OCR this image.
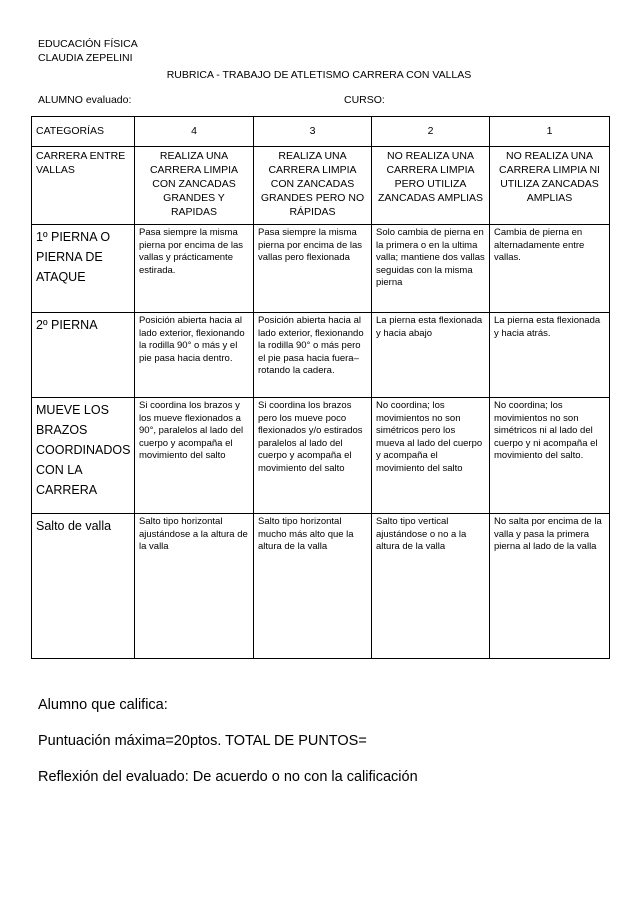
EDUCACIÓN FÍSICA
CLAUDIA ZEPELINI
RUBRICA - TRABAJO DE ATLETISMO CARRERA CON VALLAS
ALUMNO evaluado:	CURSO:
CATEGORÍAS	4	3	2	1
CARRERA ENTRE VALLAS	REALIZA UNA CARRERA LIMPIA CON ZANCADAS GRANDES Y RAPIDAS	REALIZA UNA CARRERA LIMPIA CON ZANCADAS GRANDES PERO NO RÁPIDAS	NO REALIZA UNA CARRERA LIMPIA PERO UTILIZA ZANCADAS AMPLIAS	NO REALIZA UNA CARRERA LIMPIA NI UTILIZA ZANCADAS AMPLIAS
1º PIERNA O PIERNA DE ATAQUE	Pasa siempre la misma pierna por encima de las vallas y prácticamente estirada.	Pasa siempre la misma pierna por encima de las vallas pero flexionada	Solo cambia de pierna en la primera o en la ultima valla; mantiene dos vallas seguidas con la misma pierna	Cambia de pierna en alternadamente entre vallas.
2º PIERNA	Posición abierta hacia al lado exterior, flexionando la rodilla 90° o más y el pie pasa hacia dentro.	Posición abierta hacia al lado exterior, flexionando la rodilla 90° o más pero el pie pasa hacia fuera– rotando la cadera.	La pierna esta flexionada y hacia abajo	La pierna esta flexionada y hacia atrás.
MUEVE LOS BRAZOS COORDINADOS CON LA CARRERA	Si coordina los brazos y los mueve flexionados a 90°, paralelos al lado del cuerpo y acompaña el movimiento del salto	Si coordina los brazos pero los mueve poco flexionados y/o estirados paralelos al lado del cuerpo y acompaña el movimiento del salto	No coordina; los movimientos no son simétricos pero los mueva al lado del cuerpo y acompaña el movimiento del salto	No coordina; los movimientos no son simétricos ni al lado del cuerpo y ni acompaña el movimiento del salto.
Salto de valla	Salto tipo horizontal ajustándose a la altura de la valla	Salto tipo horizontal mucho más alto que la altura de la valla	Salto tipo vertical ajustándose o no a la altura de la valla	No salta por encima de la valla y pasa la primera pierna al lado de la valla
Alumno que califica:
Puntuación máxima=20ptos. TOTAL DE PUNTOS=
Reflexión del evaluado: De acuerdo o no con la calificación
